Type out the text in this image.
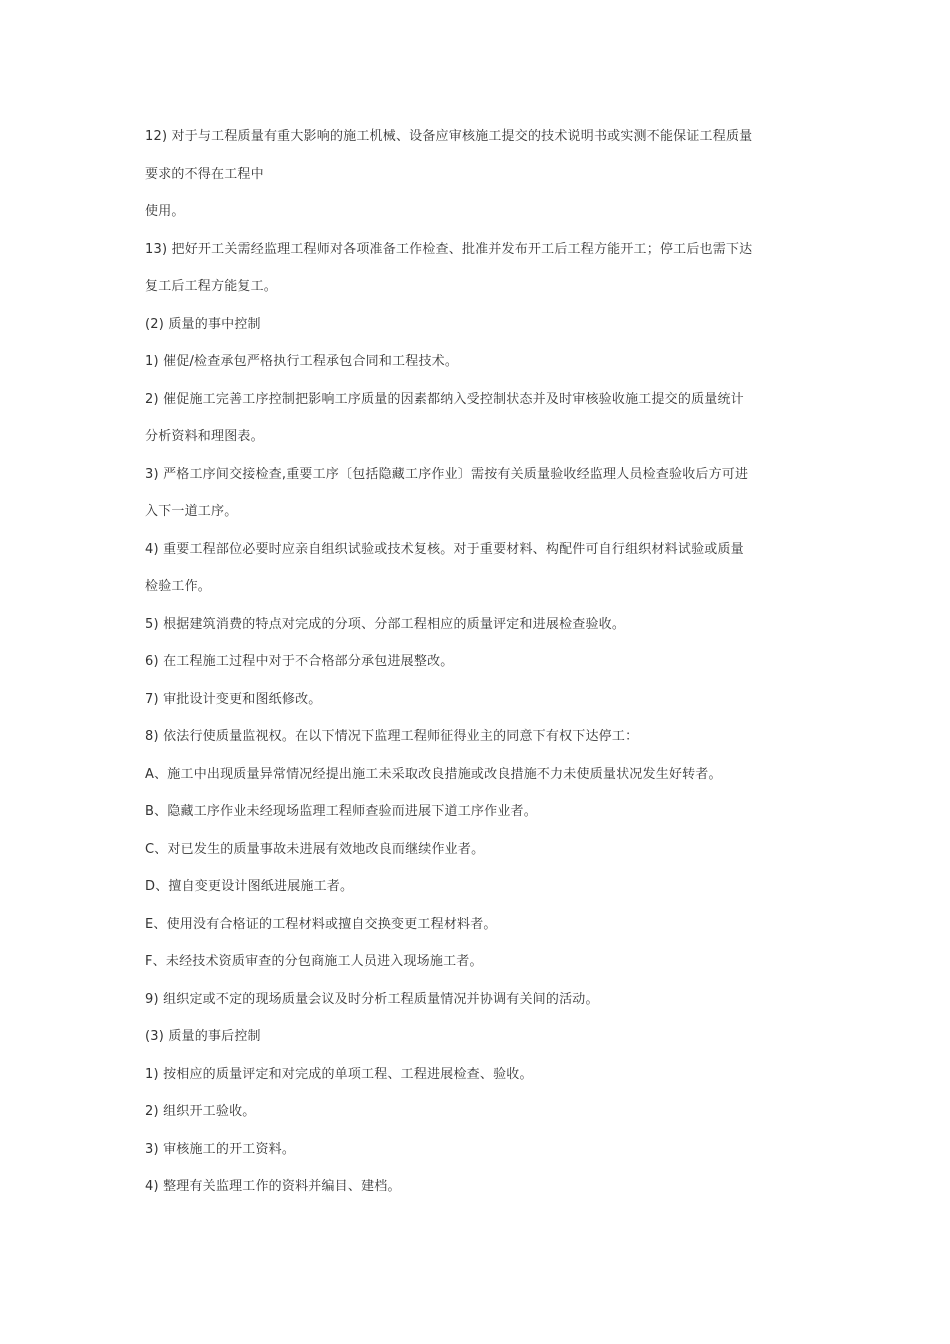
12) 对于与工程质量有重大影响的施工机械、设备应审核施工提交的技术说明书或实测不能保证工程质量
要求的不得在工程中
使用。
13) 把好开工关需经监理工程师对各项准备工作检查、批准并发布开工后工程方能开工；停工后也需下达
复工后工程方能复工。
(2) 质量的事中控制
1) 催促/检查承包严格执行工程承包合同和工程技术。
2) 催促施工完善工序控制把影响工序质量的因素都纳入受控制状态并及时审核验收施工提交的质量统计
分析资料和理图表。
3) 严格工序间交接检查,重要工序〔包括隐藏工序作业〕需按有关质量验收经监理人员检查验收后方可进
入下一道工序。
4) 重要工程部位必要时应亲自组织试验或技术复核。对于重要材料、构配件可自行组织材料试验或质量
检验工作。
5) 根据建筑消费的特点对完成的分项、分部工程相应的质量评定和进展检查验收。
6) 在工程施工过程中对于不合格部分承包进展整改。
7) 审批设计变更和图纸修改。
8) 依法行使质量监视权。在以下情况下监理工程师征得业主的同意下有权下达停工：
A、施工中出现质量异常情况经提出施工未采取改良措施或改良措施不力未使质量状况发生好转者。
B、隐藏工序作业未经现场监理工程师查验而进展下道工序作业者。
C、对已发生的质量事故未进展有效地改良而继续作业者。
D、擅自变更设计图纸进展施工者。
E、使用没有合格证的工程材料或擅自交换变更工程材料者。
F、未经技术资质审查的分包商施工人员进入现场施工者。
9) 组织定或不定的现场质量会议及时分析工程质量情况并协调有关间的活动。
(3) 质量的事后控制
1) 按相应的质量评定和对完成的单项工程、工程进展检查、验收。
2) 组织开工验收。
3) 审核施工的开工资料。
4) 整理有关监理工作的资料并编目、建档。
